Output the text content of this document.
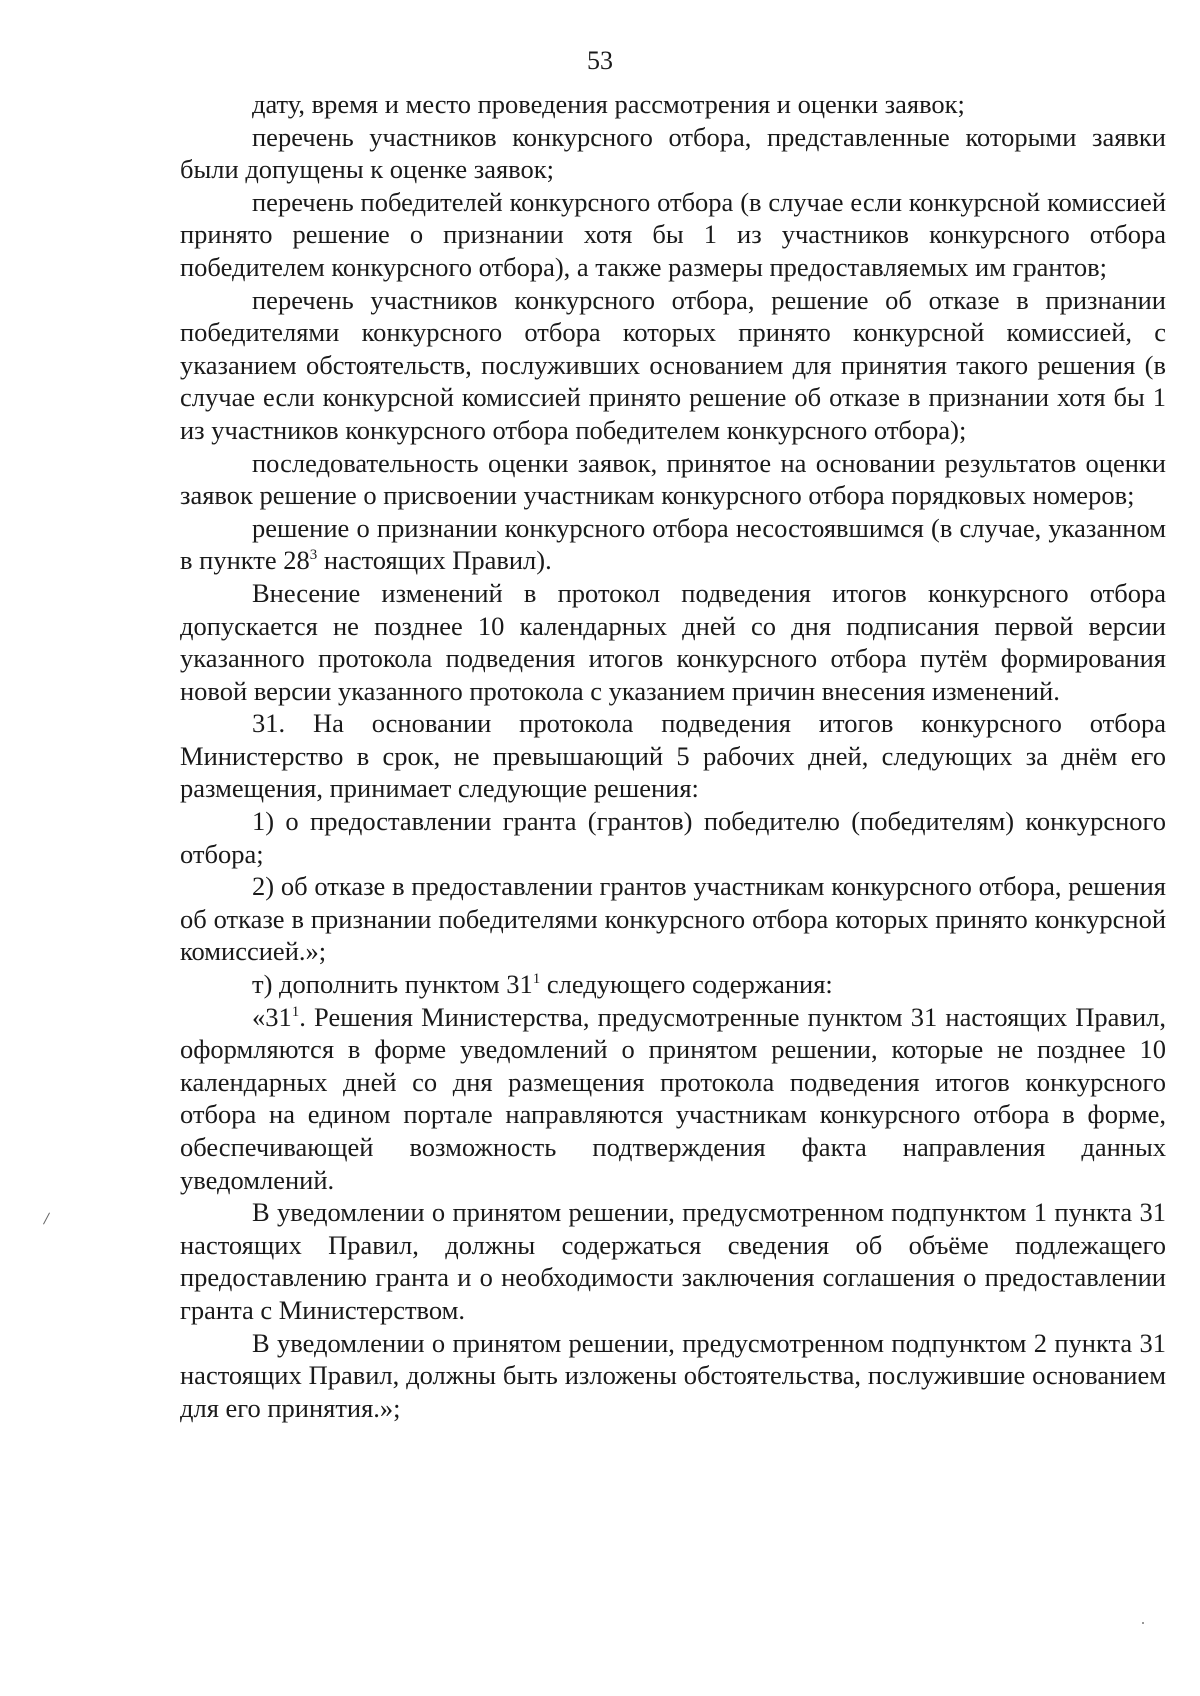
53

дату, время и место проведения рассмотрения и оценки заявок;

перечень участников конкурсного отбора, представленные которыми заявки были допущены к оценке заявок;

перечень победителей конкурсного отбора (в случае если конкурсной комиссией принято решение о признании хотя бы 1 из участников конкурсного отбора победителем конкурсного отбора), а также размеры предоставляемых им грантов;

перечень участников конкурсного отбора, решение об отказе в признании победителями конкурсного отбора которых принято конкурсной комиссией, с указанием обстоятельств, послуживших основанием для принятия такого решения (в случае если конкурсной комиссией принято решение об отказе в признании хотя бы 1 из участников конкурсного отбора победителем конкурсного отбора);

последовательность оценки заявок, принятое на основании результатов оценки заявок решение о присвоении участникам конкурсного отбора порядковых номеров;

решение о признании конкурсного отбора несостоявшимся (в случае, указанном в пункте $28^3$ настоящих Правил).

Внесение изменений в протокол подведения итогов конкурсного отбора допускается не позднее 10 календарных дней со дня подписания первой версии указанного протокола подведения итогов конкурсного отбора путём формирования новой версии указанного протокола с указанием причин внесения изменений.

31. На основании протокола подведения итогов конкурсного отбора Министерство в срок, не превышающий 5 рабочих дней, следующих за днём его размещения, принимает следующие решения:

1) о предоставлении гранта (грантов) победителю (победителям) конкурсного отбора;

2) об отказе в предоставлении грантов участникам конкурсного отбора, решения об отказе в признании победителями конкурсного отбора которых принято конкурсной комиссией.»;

т) дополнить пунктом $31^1$ следующего содержания:

«$31^1$. Решения Министерства, предусмотренные пунктом 31 настоящих Правил, оформляются в форме уведомлений о принятом решении, которые не позднее 10 календарных дней со дня размещения протокола подведения итогов конкурсного отбора на едином портале направляются участникам конкурсного отбора в форме, обеспечивающей возможность подтверждения факта направления данных уведомлений.

В уведомлении о принятом решении, предусмотренном подпунктом 1 пункта 31 настоящих Правил, должны содержаться сведения об объёме подлежащего предоставлению гранта и о необходимости заключения соглашения о предоставлении гранта с Министерством.

В уведомлении о принятом решении, предусмотренном подпунктом 2 пункта 31 настоящих Правил, должны быть изложены обстоятельства, послужившие основанием для его принятия.»;
